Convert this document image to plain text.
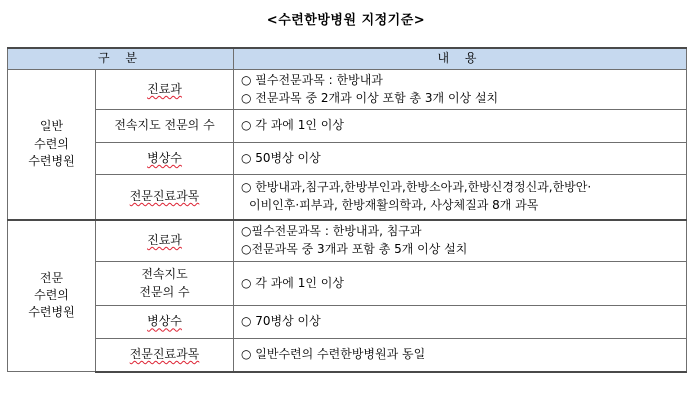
<수련한방병원 지정기준>
구 분		내 용

일반
수련의
수련병원	진료과	○ 필수전문과목 : 한방내과
○ 전문과목 중 2개과 이상 포함 총 3개 이상 설치

	전속지도 전문의 수	○ 각 과에 1인 이상

	병상수	○ 50병상 이상

	전문진료과목	○ 한방내과,침구과,한방부인과,한방소아과,한방신경정신과,한방안·
이비인후·피부과, 한방재활의학과, 사상체질과 8개 과목

전문
수련의
수련병원	진료과	○필수전문과목 : 한방내과, 침구과
○전문과목 중 3개과 포함 총 5개 이상 설치

	전속지도
전문의 수	○ 각 과에 1인 이상

	병상수	○ 70병상 이상

	전문진료과목	○ 일반수련의 수련한방병원과 동일
